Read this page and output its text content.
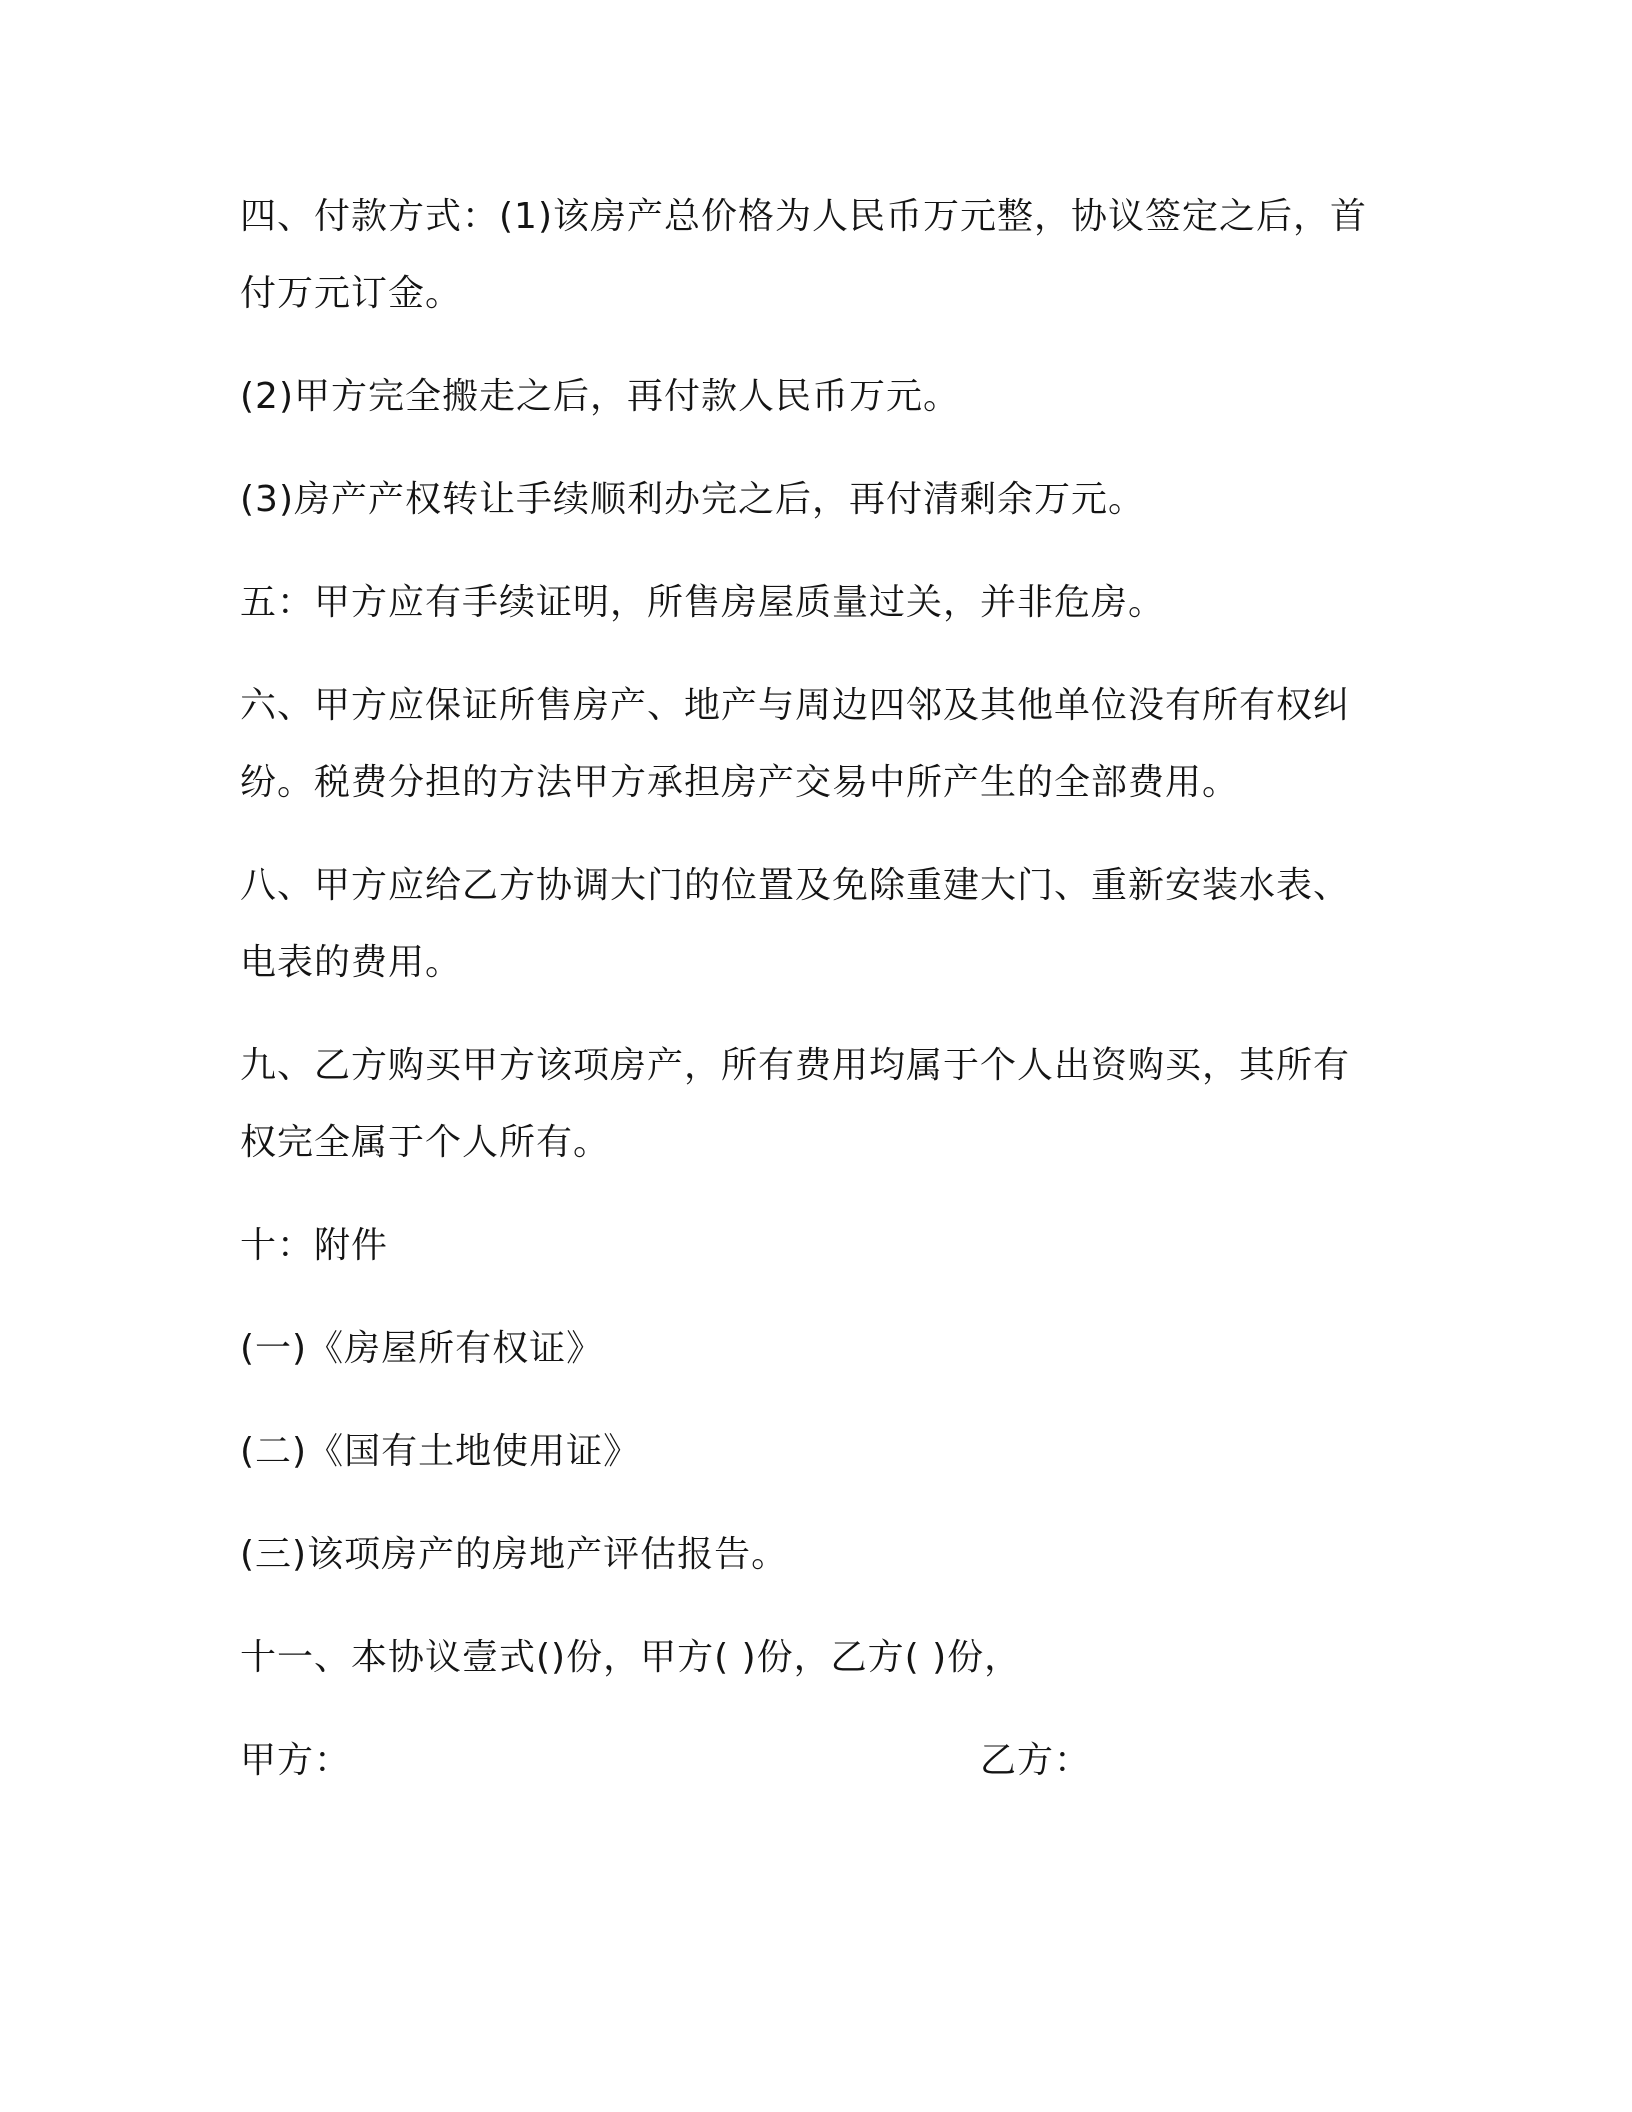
四、付款方式：(1)该房产总价格为人民币万元整，协议签定之后，首
付万元订金。
(2)甲方完全搬走之后，再付款人民币万元。
(3)房产产权转让手续顺利办完之后，再付清剩余万元。
五：甲方应有手续证明，所售房屋质量过关，并非危房。
六、甲方应保证所售房产、地产与周边四邻及其他单位没有所有权纠
纷。税费分担的方法甲方承担房产交易中所产生的全部费用。
八、甲方应给乙方协调大门的位置及免除重建大门、重新安装水表、
电表的费用。
九、乙方购买甲方该项房产，所有费用均属于个人出资购买，其所有
权完全属于个人所有。
十：附件
(一)《房屋所有权证》
(二)《国有土地使用证》
(三)该项房产的房地产评估报告。
十一、本协议壹式()份，甲方( )份，乙方( )份，
甲方：	乙方：
